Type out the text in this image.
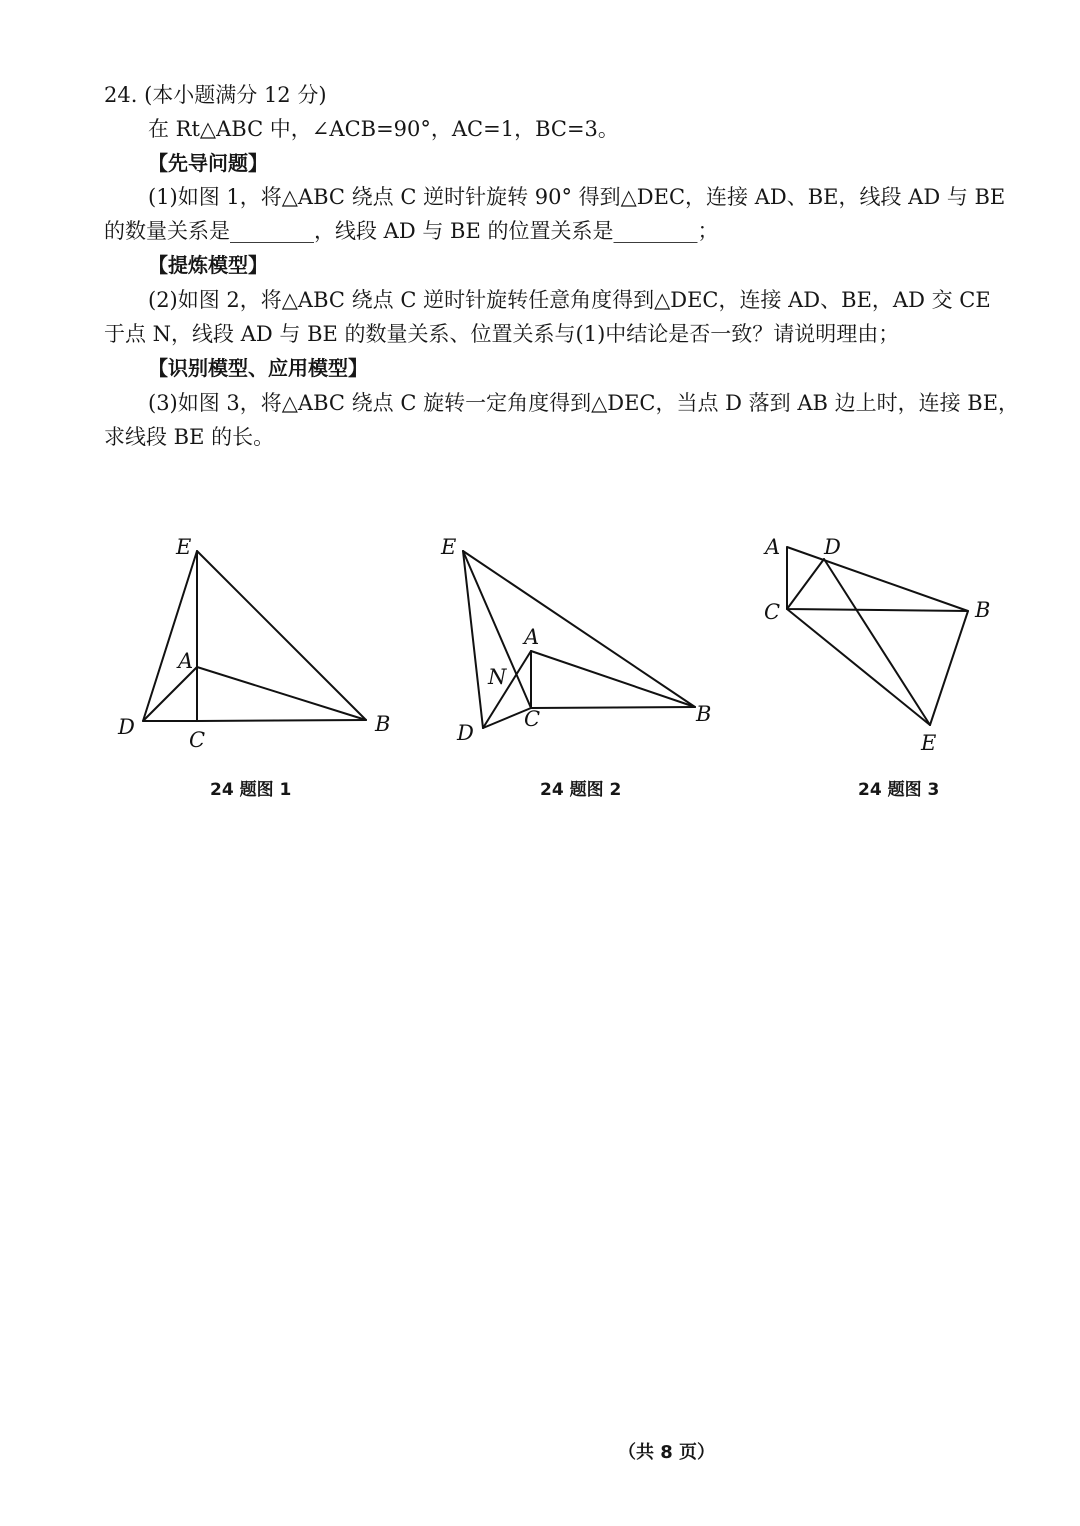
24. (本小题满分 12 分)
在 Rt△ABC 中，∠ACB=90°，AC=1，BC=3。
【先导问题】
(1)如图 1，将△ABC 绕点 C 逆时针旋转 90° 得到△DEC，连接 AD、BE，线段 AD 与 BE
的数量关系是________，线段 AD 与 BE 的位置关系是________；
【提炼模型】
(2)如图 2，将△ABC 绕点 C 逆时针旋转任意角度得到△DEC，连接 AD、BE，AD 交 CE
于点 N，线段 AD 与 BE 的数量关系、位置关系与(1)中结论是否一致？请说明理由；
【识别模型、应用模型】
(3)如图 3，将△ABC 绕点 C 旋转一定角度得到△DEC，当点 D 落到 AB 边上时，连接 BE，
求线段 BE 的长。
E
A
D
C
B
24 题图 1
E
A
N
D
C	B
24 题图 2
A D
C	B
E
24 题图 3
（共 8 页）
